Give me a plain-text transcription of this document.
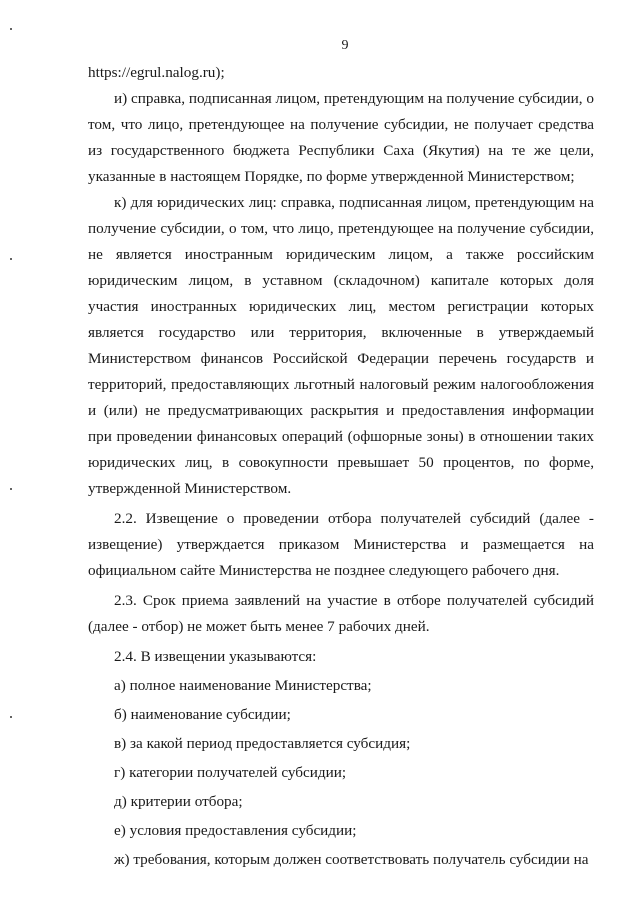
9

https://egrul.nalog.ru);

и) справка, подписанная лицом, претендующим на получение субсидии, о том, что лицо, претендующее на получение субсидии, не получает средства из государственного бюджета Республики Саха (Якутия) на те же цели, указанные в настоящем Порядке, по форме утвержденной Министерством;

к) для юридических лиц: справка, подписанная лицом, претендующим на получение субсидии, о том, что лицо, претендующее на получение субсидии, не является иностранным юридическим лицом, а также российским юридическим лицом, в уставном (складочном) капитале которых доля участия иностранных юридических лиц, местом регистрации которых является государство или территория, включенные в утверждаемый Министерством финансов Российской Федерации перечень государств и территорий, предоставляющих льготный налоговый режим налогообложения и (или) не предусматривающих раскрытия и предоставления информации при проведении финансовых операций (офшорные зоны) в отношении таких юридических лиц, в совокупности превышает 50 процентов, по форме, утвержденной Министерством.

2.2. Извещение о проведении отбора получателей субсидий (далее - извещение) утверждается приказом Министерства и размещается на официальном сайте Министерства не позднее следующего рабочего дня.

2.3. Срок приема заявлений на участие в отборе получателей субсидий (далее - отбор) не может быть менее 7 рабочих дней.

2.4. В извещении указываются:

а) полное наименование Министерства;

б) наименование субсидии;

в) за какой период предоставляется субсидия;

г) категории получателей субсидии;

д) критерии отбора;

е) условия предоставления субсидии;

ж) требования, которым должен соответствовать получатель субсидии на
